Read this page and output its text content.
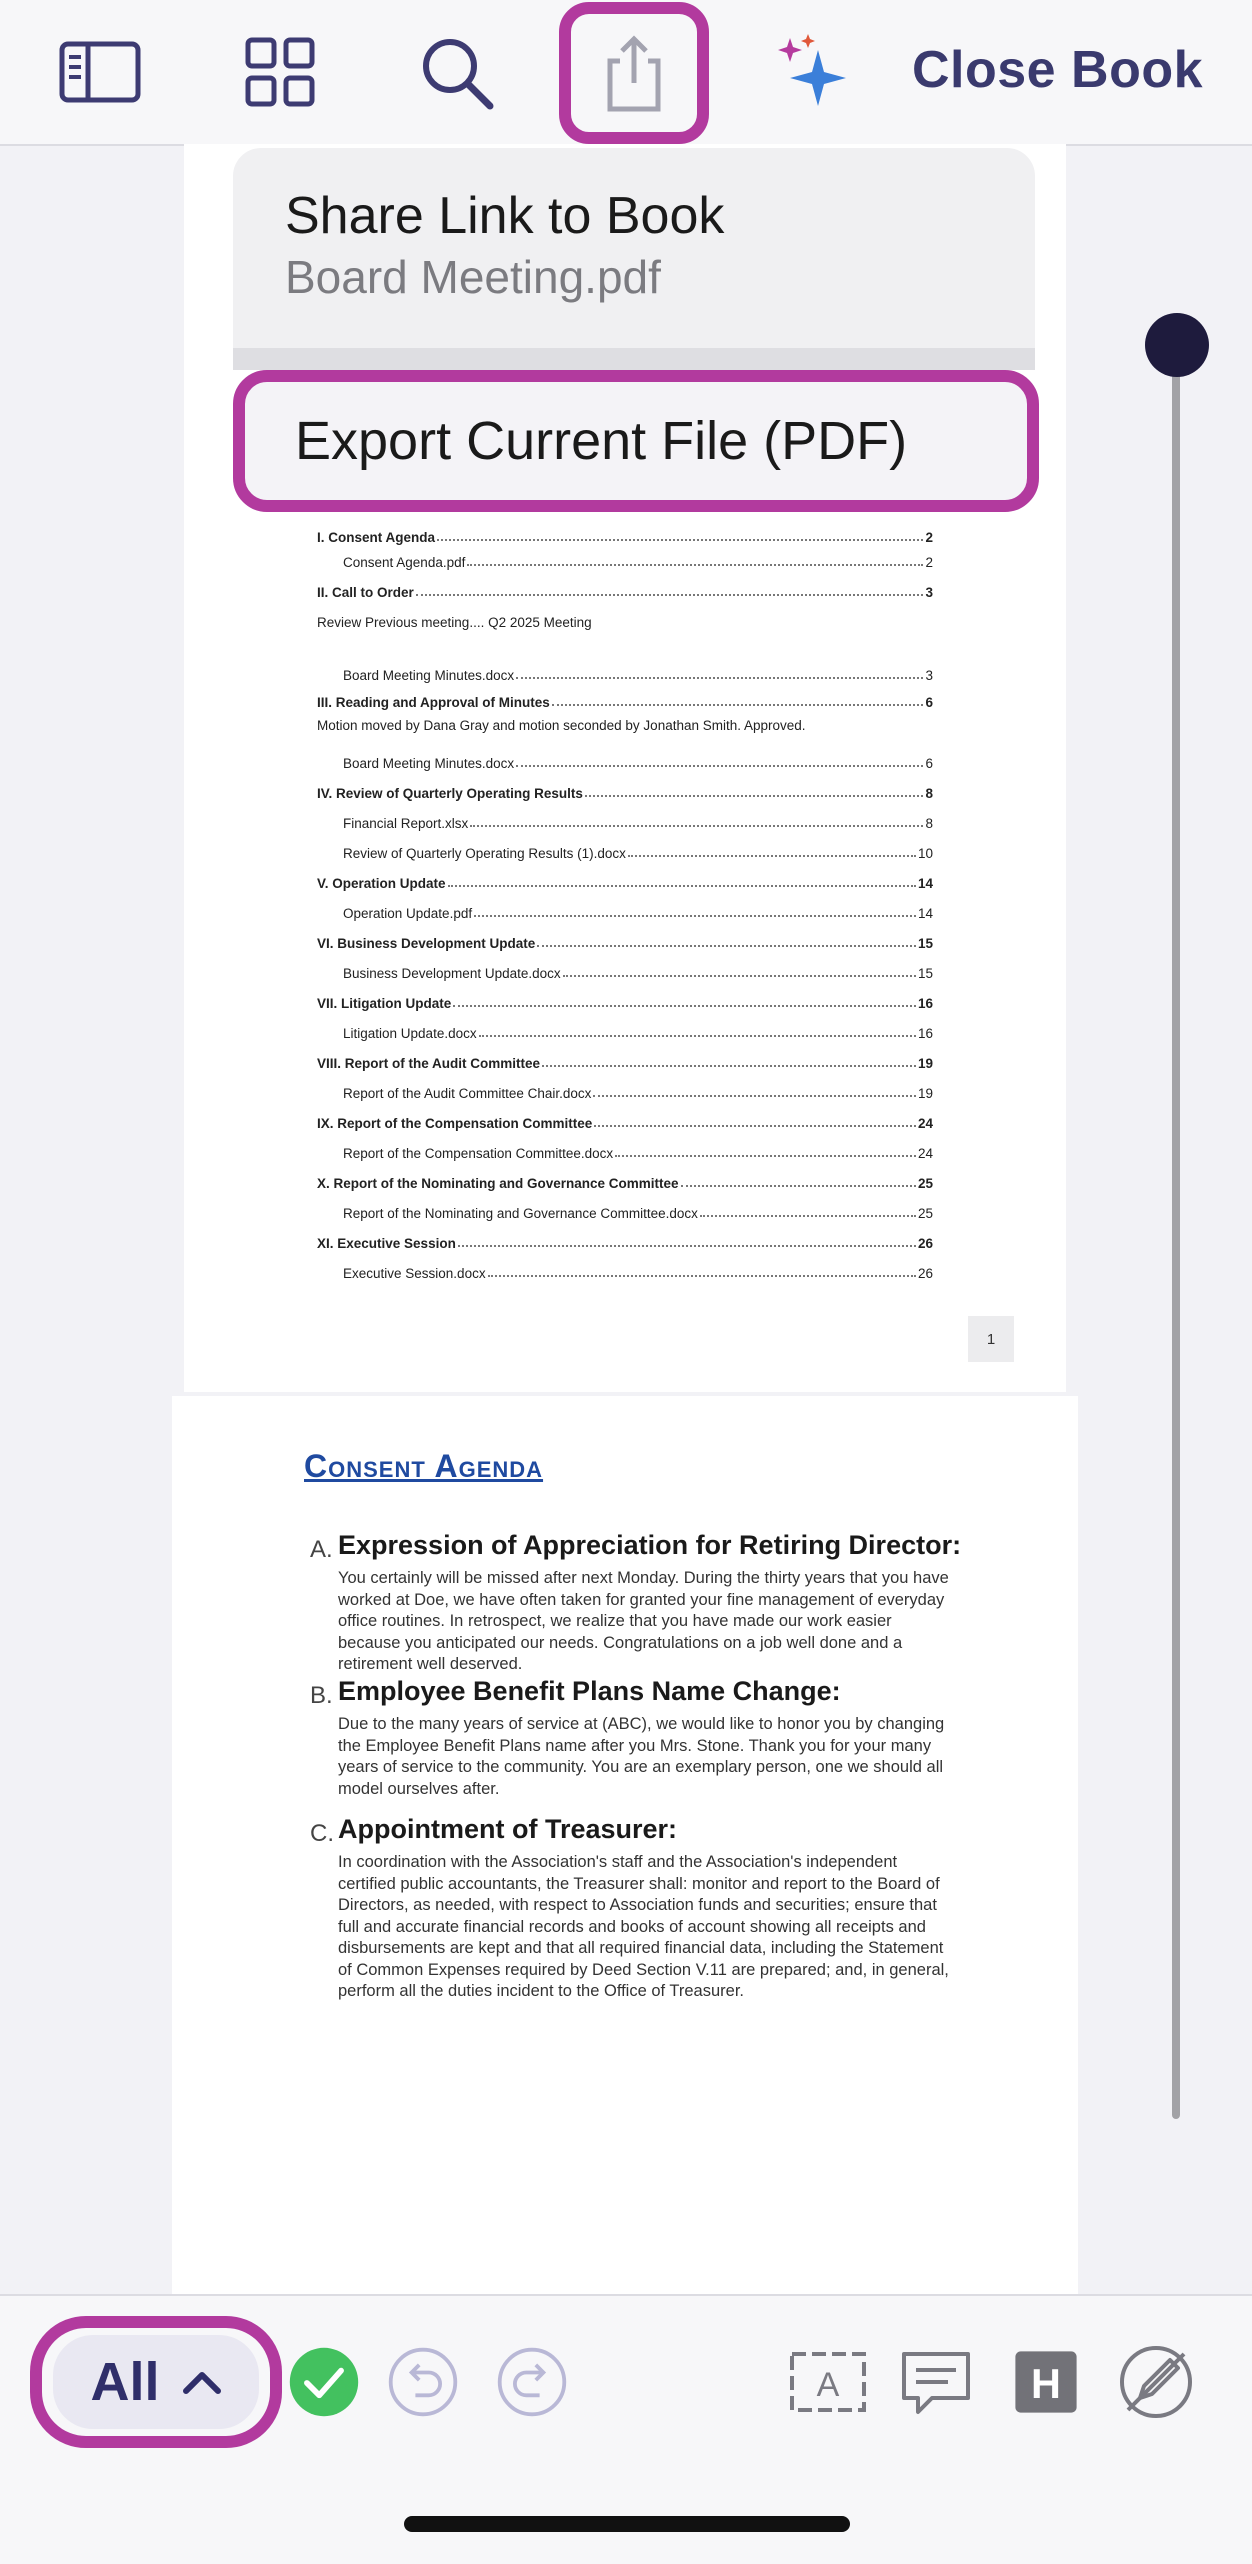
Close Book
I. Consent Agenda	2
Consent Agenda.pdf	2
II. Call to Order	3
Board Meeting Minutes.docx	3
III. Reading and Approval of Minutes	6
Board Meeting Minutes.docx	6
IV. Review of Quarterly Operating Results	8
Financial Report.xlsx	8
Review of Quarterly Operating Results (1).docx	10
V. Operation Update	14
Operation Update.pdf	14
VI. Business Development Update	15
Business Development Update.docx	15
VII. Litigation Update	16
Litigation Update.docx	16
VIII. Report of the Audit Committee	19
Report of the Audit Committee Chair.docx	19
IX. Report of the Compensation Committee	24
Report of the Compensation Committee.docx	24
X. Report of the Nominating and Governance Committee	25
Report of the Nominating and Governance Committee.docx	25
XI. Executive Session	26
Executive Session.docx	26
Review Previous meeting.... Q2 2025 Meeting
Motion moved by Dana Gray and motion seconded by Jonathan Smith. Approved.
1
Consent Agenda
A. Expression of Appreciation for Retiring Director:
You certainly will be missed after next Monday. During the thirty years that you have worked at Doe, we have often taken for granted your fine management of everyday office routines. In retrospect, we realize that you have made our work easier because you anticipated our needs. Congratulations on a job well done and a retirement well deserved.
B. Employee Benefit Plans Name Change:
Due to the many years of service at (ABC), we would like to honor you by changing the Employee Benefit Plans name after you Mrs. Stone. Thank you for your many years of service to the community. You are an exemplary person, one we should all model ourselves after.
C. Appointment of Treasurer:
In coordination with the Association's staff and the Association's independent certified public accountants, the Treasurer shall: monitor and report to the Board of Directors, as needed, with respect to Association funds and securities; ensure that full and accurate financial records and books of account showing all receipts and disbursements are kept and that all required financial data, including the Statement of Common Expenses required by Deed Section V.11 are prepared; and, in general, perform all the duties incident to the Office of Treasurer.
Share Link to Book
Board Meeting.pdf
Export Current File (PDF)
All	A	H
